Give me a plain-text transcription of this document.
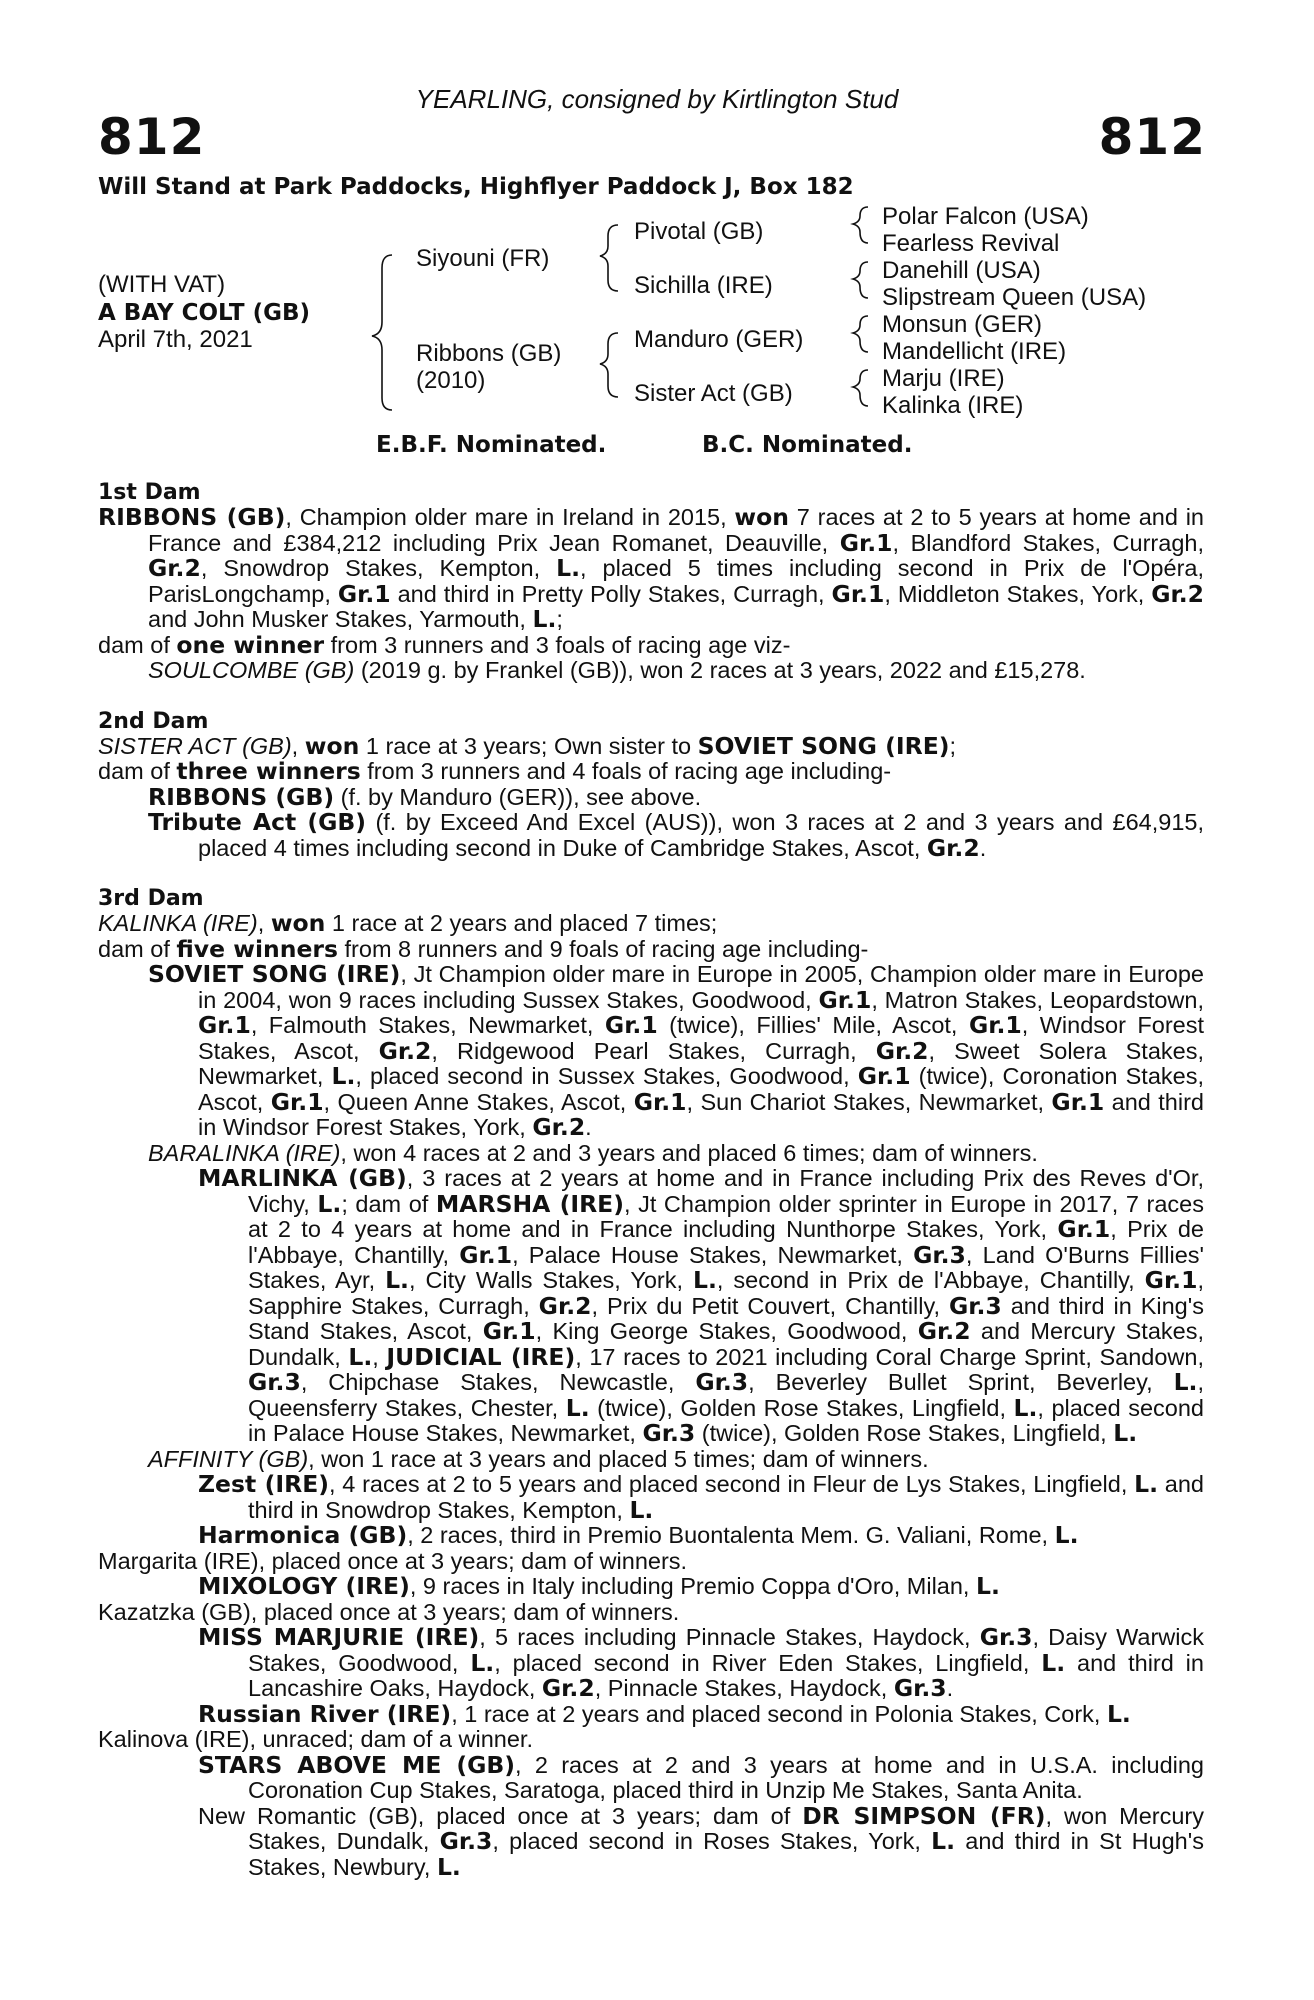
YEARLING, consigned by Kirtlington Stud
812	812
Will Stand at Park Paddocks, Highflyer Paddock J, Box 182
(WITH VAT)
A BAY COLT (GB)
April 7th, 2021
Siyouni (FR)
Ribbons (GB)
(2010)
Pivotal (GB)
Sichilla (IRE)
Manduro (GER)
Sister Act (GB)
Polar Falcon (USA)
Fearless Revival
Danehill (USA)
Slipstream Queen (USA)
Monsun (GER)
Mandellicht (IRE)
Marju (IRE)
Kalinka (IRE)
E.B.F. Nominated.	B.C. Nominated.
1st Dam
RIBBONS (GB), Champion older mare in Ireland in 2015, won 7 races at 2 to 5 years at home and in France and £384,212 including Prix Jean Romanet, Deauville, Gr.1, Blandford Stakes, Curragh, Gr.2, Snowdrop Stakes, Kempton, L., placed 5 times including second in Prix de l'Opéra, ParisLongchamp, Gr.1 and third in Pretty Polly Stakes, Curragh, Gr.1, Middleton Stakes, York, Gr.2 and John Musker Stakes, Yarmouth, L.;
dam of one winner from 3 runners and 3 foals of racing age viz-
SOULCOMBE (GB) (2019 g. by Frankel (GB)), won 2 races at 3 years, 2022 and £15,278.
2nd Dam
SISTER ACT (GB), won 1 race at 3 years; Own sister to SOVIET SONG (IRE);
dam of three winners from 3 runners and 4 foals of racing age including-
RIBBONS (GB) (f. by Manduro (GER)), see above.
Tribute Act (GB) (f. by Exceed And Excel (AUS)), won 3 races at 2 and 3 years and £64,915, placed 4 times including second in Duke of Cambridge Stakes, Ascot, Gr.2.
3rd Dam
KALINKA (IRE), won 1 race at 2 years and placed 7 times;
dam of five winners from 8 runners and 9 foals of racing age including-
SOVIET SONG (IRE), Jt Champion older mare in Europe in 2005, Champion older mare in Europe in 2004, won 9 races including Sussex Stakes, Goodwood, Gr.1, Matron Stakes, Leopardstown, Gr.1, Falmouth Stakes, Newmarket, Gr.1 (twice), Fillies' Mile, Ascot, Gr.1, Windsor Forest Stakes, Ascot, Gr.2, Ridgewood Pearl Stakes, Curragh, Gr.2, Sweet Solera Stakes, Newmarket, L., placed second in Sussex Stakes, Goodwood, Gr.1 (twice), Coronation Stakes, Ascot, Gr.1, Queen Anne Stakes, Ascot, Gr.1, Sun Chariot Stakes, Newmarket, Gr.1 and third in Windsor Forest Stakes, York, Gr.2.
BARALINKA (IRE), won 4 races at 2 and 3 years and placed 6 times; dam of winners.
MARLINKA (GB), 3 races at 2 years at home and in France including Prix des Reves d'Or, Vichy, L.; dam of MARSHA (IRE), Jt Champion older sprinter in Europe in 2017, 7 races at 2 to 4 years at home and in France including Nunthorpe Stakes, York, Gr.1, Prix de l'Abbaye, Chantilly, Gr.1, Palace House Stakes, Newmarket, Gr.3, Land O'Burns Fillies' Stakes, Ayr, L., City Walls Stakes, York, L., second in Prix de l'Abbaye, Chantilly, Gr.1, Sapphire Stakes, Curragh, Gr.2, Prix du Petit Couvert, Chantilly, Gr.3 and third in King's Stand Stakes, Ascot, Gr.1, King George Stakes, Goodwood, Gr.2 and Mercury Stakes, Dundalk, L., JUDICIAL (IRE), 17 races to 2021 including Coral Charge Sprint, Sandown, Gr.3, Chipchase Stakes, Newcastle, Gr.3, Beverley Bullet Sprint, Beverley, L., Queensferry Stakes, Chester, L. (twice), Golden Rose Stakes, Lingfield, L., placed second in Palace House Stakes, Newmarket, Gr.3 (twice), Golden Rose Stakes, Lingfield, L.
AFFINITY (GB), won 1 race at 3 years and placed 5 times; dam of winners.
Zest (IRE), 4 races at 2 to 5 years and placed second in Fleur de Lys Stakes, Lingfield, L. and third in Snowdrop Stakes, Kempton, L.
Harmonica (GB), 2 races, third in Premio Buontalenta Mem. G. Valiani, Rome, L.
Margarita (IRE), placed once at 3 years; dam of winners.
MIXOLOGY (IRE), 9 races in Italy including Premio Coppa d'Oro, Milan, L.
Kazatzka (GB), placed once at 3 years; dam of winners.
MISS MARJURIE (IRE), 5 races including Pinnacle Stakes, Haydock, Gr.3, Daisy Warwick Stakes, Goodwood, L., placed second in River Eden Stakes, Lingfield, L. and third in Lancashire Oaks, Haydock, Gr.2, Pinnacle Stakes, Haydock, Gr.3.
Russian River (IRE), 1 race at 2 years and placed second in Polonia Stakes, Cork, L.
Kalinova (IRE), unraced; dam of a winner.
STARS ABOVE ME (GB), 2 races at 2 and 3 years at home and in U.S.A. including Coronation Cup Stakes, Saratoga, placed third in Unzip Me Stakes, Santa Anita.
New Romantic (GB), placed once at 3 years; dam of DR SIMPSON (FR), won Mercury Stakes, Dundalk, Gr.3, placed second in Roses Stakes, York, L. and third in St Hugh's Stakes, Newbury, L.
